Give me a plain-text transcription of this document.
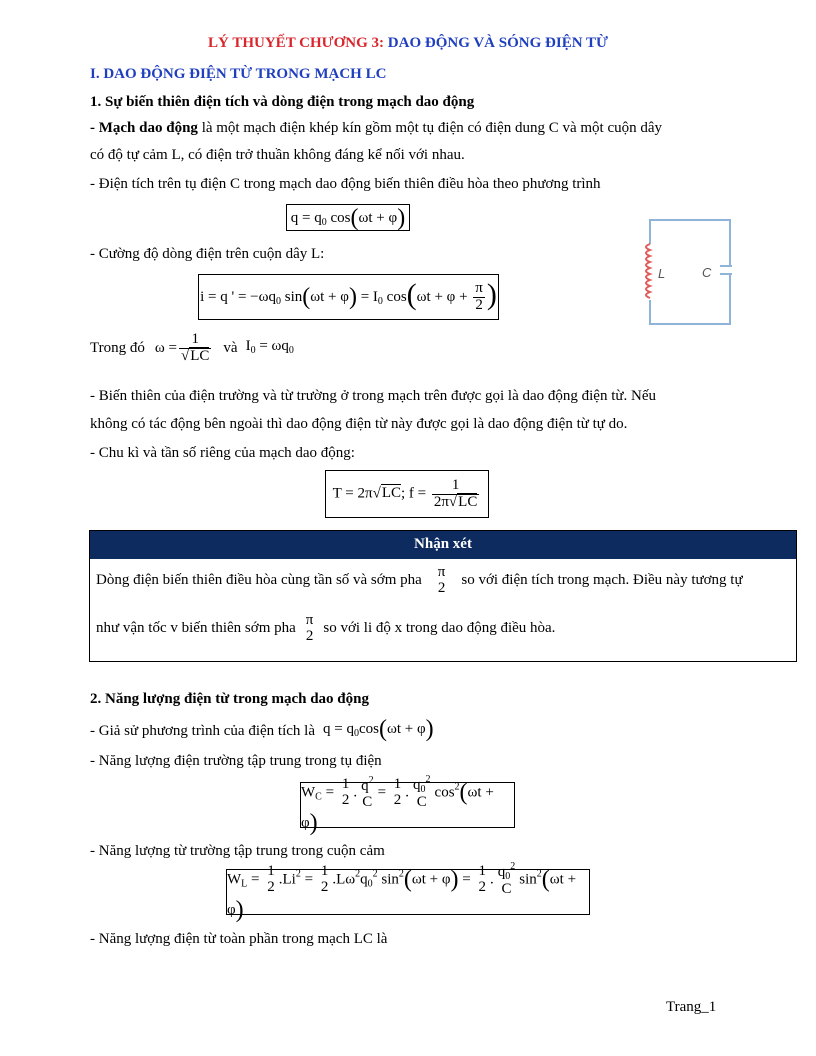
LÝ THUYẾT CHƯƠNG 3: DAO ĐỘNG VÀ SÓNG ĐIỆN TỪ
I. DAO ĐỘNG ĐIỆN TỪ TRONG MẠCH LC
1. Sự biến thiên điện tích và dòng điện trong mạch dao động
- Mạch dao động là một mạch điện khép kín gồm một tụ điện có điện dung C và một cuộn dây
có độ tự cảm L, có điện trở thuần không đáng kể nối với nhau.
- Điện tích trên tụ điện C trong mạch dao động biến thiên điều hòa theo phương trình
$q = q_0$ cos(ωt + φ)
- Cường độ dòng điện trên cuộn dây L:
i = q ' = $-\omega q_0$ $\sin(\omega t + \varphi) = I_0$ $\cos(\omega t + \varphi + \frac{\pi}{2}$ )
L	C
Trong đó $\omega = \frac{1}{√LC}$ và $I_0 = \omega q_0$
- Biến thiên của điện trường và từ trường ở trong mạch trên được gọi là dao động điện từ. Nếu
không có tác động bên ngoài thì dao động điện từ này được gọi là dao động điện từ tự do.
- Chu kì và tần số riêng của mạch dao động:
T = 2π√LC; $f = \frac{1}{2\pi√LC}$
Nhận xét
Dòng điện biến thiên điều hòa cùng tần số và sớm pha
π
2 so với điện tích trong mạch. Điều này tương tự
như vận tốc v biến thiên sớm pha
π
2 so với li độ x trong dao động điều hòa.
2. Năng lượng điện từ trong mạch dao động
- Giả sử phương trình của điện tích là $q = q_0\cos(\omega t + \varphi)$
- Năng lượng điện trường tập trung trong tụ điện
$W_C$ =
1
2 . $q^2$
C
=
1
2 . $q_0^2$
C
$\cos^2(\omega t + \varphi)$
- Năng lượng từ trường tập trung trong cuộn cảm
$W_L$ =
1
2 $.Li^2$ =
1
2 $.L\omega^2q_0^2$ $\sin^2(\omega t + \varphi)$ =
1
2 . $q_0^2$
C
$\sin^2(\omega t + \varphi)$
- Năng lượng điện từ toàn phần trong mạch LC là
Trang_1
